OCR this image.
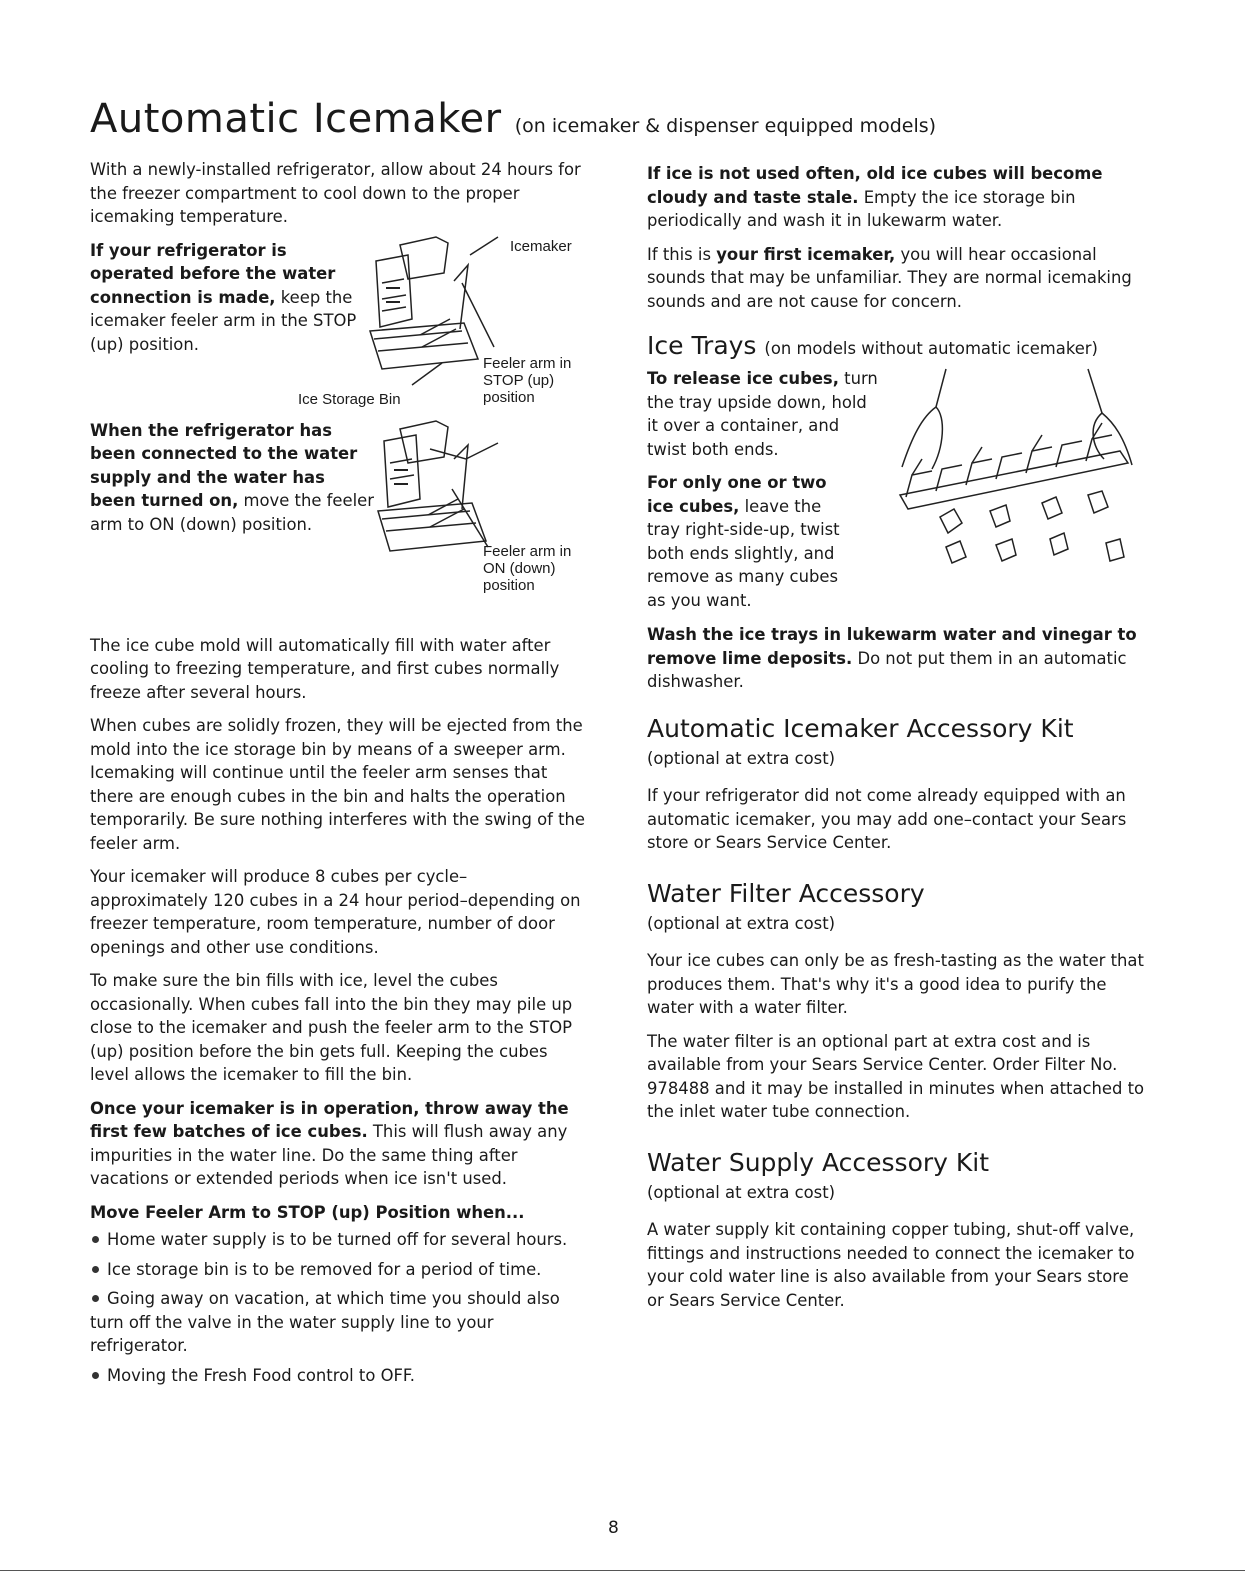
Automatic Icemaker (on icemaker & dispenser equipped models)

With a newly-installed refrigerator, allow about 24 hours for the freezer compartment to cool down to the proper icemaking temperature.

If your refrigerator is operated before the water connection is made, keep the icemaker feeler arm in the STOP (up) position.

Icemaker
Feeler arm in STOP (up) position
Ice Storage Bin

When the refrigerator has been connected to the water supply and the water has been turned on, move the feeler arm to ON (down) position.

Feeler arm in ON (down) position

The ice cube mold will automatically fill with water after cooling to freezing temperature, and first cubes normally freeze after several hours.

When cubes are solidly frozen, they will be ejected from the mold into the ice storage bin by means of a sweeper arm. Icemaking will continue until the feeler arm senses that there are enough cubes in the bin and halts the operation temporarily. Be sure nothing interferes with the swing of the feeler arm.

Your icemaker will produce 8 cubes per cycle– approximately 120 cubes in a 24 hour period–depending on freezer temperature, room temperature, number of door openings and other use conditions.

To make sure the bin fills with ice, level the cubes occasionally. When cubes fall into the bin they may pile up close to the icemaker and push the feeler arm to the STOP (up) position before the bin gets full. Keeping the cubes level allows the icemaker to fill the bin.

Once your icemaker is in operation, throw away the first few batches of ice cubes. This will flush away any impurities in the water line. Do the same thing after vacations or extended periods when ice isn't used.

Move Feeler Arm to STOP (up) Position when...

Home water supply is to be turned off for several hours.

Ice storage bin is to be removed for a period of time.

Going away on vacation, at which time you should also turn off the valve in the water supply line to your refrigerator.

Moving the Fresh Food control to OFF.

If ice is not used often, old ice cubes will become cloudy and taste stale. Empty the ice storage bin periodically and wash it in lukewarm water.

If this is your first icemaker, you will hear occasional sounds that may be unfamiliar. They are normal icemaking sounds and are not cause for concern.

Ice Trays (on models without automatic icemaker)

To release ice cubes, turn the tray upside down, hold it over a container, and twist both ends.

For only one or two ice cubes, leave the tray right-side-up, twist both ends slightly, and remove as many cubes as you want.

Wash the ice trays in lukewarm water and vinegar to remove lime deposits. Do not put them in an automatic dishwasher.

Automatic Icemaker Accessory Kit

(optional at extra cost)

If your refrigerator did not come already equipped with an automatic icemaker, you may add one–contact your Sears store or Sears Service Center.

Water Filter Accessory

(optional at extra cost)

Your ice cubes can only be as fresh-tasting as the water that produces them. That's why it's a good idea to purify the water with a water filter.

The water filter is an optional part at extra cost and is available from your Sears Service Center. Order Filter No. 978488 and it may be installed in minutes when attached to the inlet water tube connection.

Water Supply Accessory Kit

(optional at extra cost)

A water supply kit containing copper tubing, shut-off valve, fittings and instructions needed to connect the icemaker to your cold water line is also available from your Sears store or Sears Service Center.

8
